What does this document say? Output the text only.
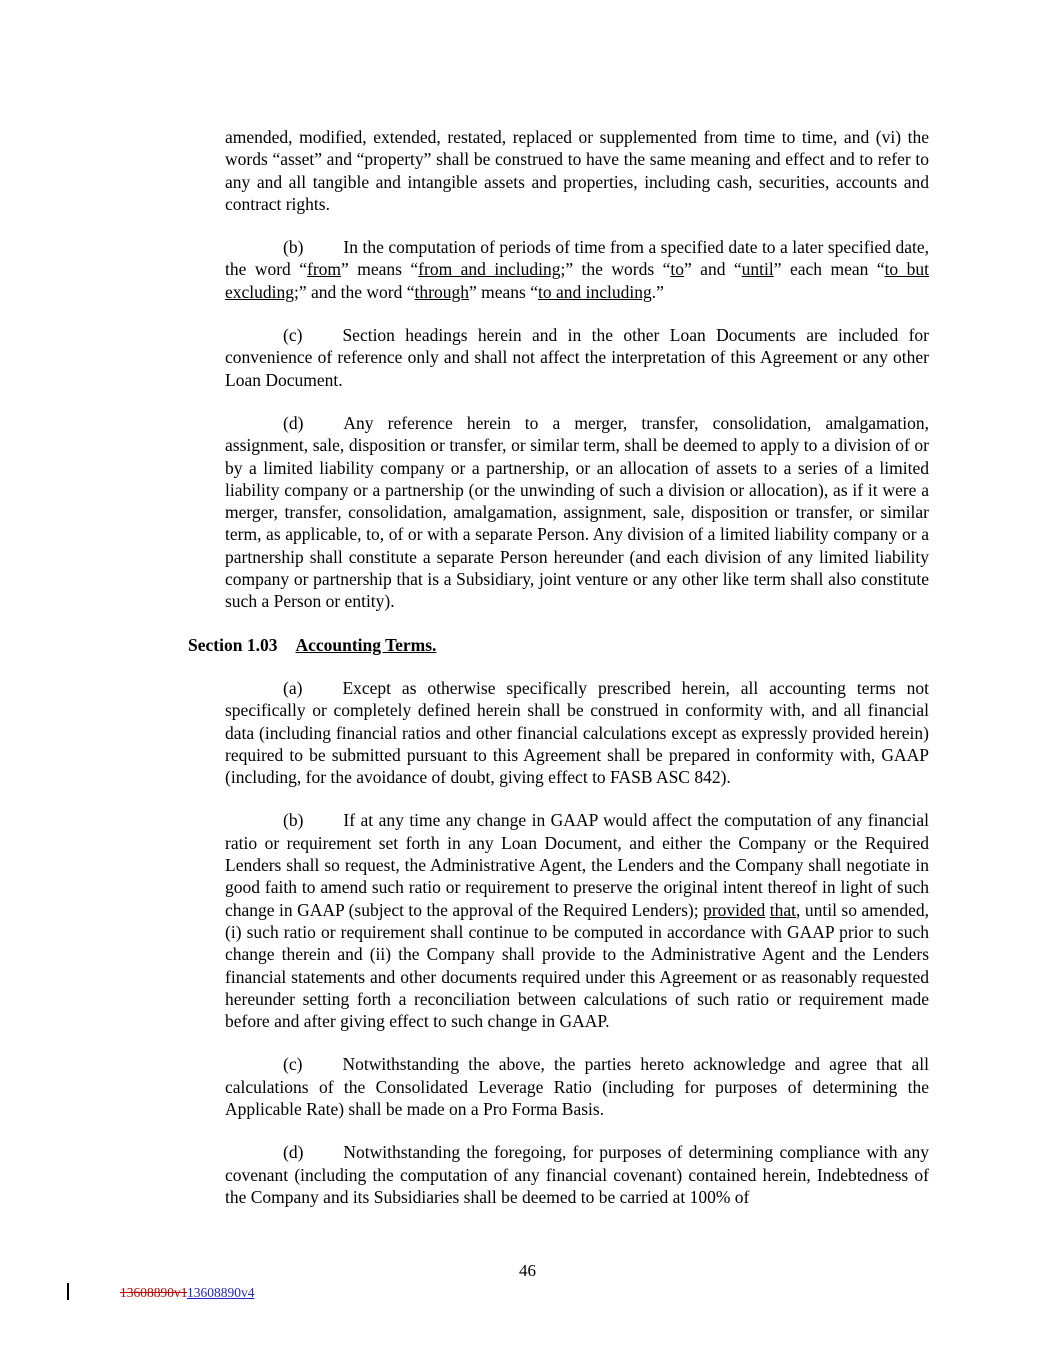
amended, modified, extended, restated, replaced or supplemented from time to time, and (vi) the words “asset” and “property” shall be construed to have the same meaning and effect and to refer to any and all tangible and intangible assets and properties, including cash, securities, accounts and contract rights.

(b) In the computation of periods of time from a specified date to a later specified date, the word “from” means “from and including;” the words “to” and “until” each mean “to but excluding;” and the word “through” means “to and including.”

(c) Section headings herein and in the other Loan Documents are included for convenience of reference only and shall not affect the interpretation of this Agreement or any other Loan Document.

(d) Any reference herein to a merger, transfer, consolidation, amalgamation, assignment, sale, disposition or transfer, or similar term, shall be deemed to apply to a division of or by a limited liability company or a partnership, or an allocation of assets to a series of a limited liability company or a partnership (or the unwinding of such a division or allocation), as if it were a merger, transfer, consolidation, amalgamation, assignment, sale, disposition or transfer, or similar term, as applicable, to, of or with a separate Person. Any division of a limited liability company or a partnership shall constitute a separate Person hereunder (and each division of any limited liability company or partnership that is a Subsidiary, joint venture or any other like term shall also constitute such a Person or entity).

Section 1.03 Accounting Terms.

(a) Except as otherwise specifically prescribed herein, all accounting terms not specifically or completely defined herein shall be construed in conformity with, and all financial data (including financial ratios and other financial calculations except as expressly provided herein) required to be submitted pursuant to this Agreement shall be prepared in conformity with, GAAP (including, for the avoidance of doubt, giving effect to FASB ASC 842).

(b) If at any time any change in GAAP would affect the computation of any financial ratio or requirement set forth in any Loan Document, and either the Company or the Required Lenders shall so request, the Administrative Agent, the Lenders and the Company shall negotiate in good faith to amend such ratio or requirement to preserve the original intent thereof in light of such change in GAAP (subject to the approval of the Required Lenders); provided that, until so amended, (i) such ratio or requirement shall continue to be computed in accordance with GAAP prior to such change therein and (ii) the Company shall provide to the Administrative Agent and the Lenders financial statements and other documents required under this Agreement or as reasonably requested hereunder setting forth a reconciliation between calculations of such ratio or requirement made before and after giving effect to such change in GAAP.

(c) Notwithstanding the above, the parties hereto acknowledge and agree that all calculations of the Consolidated Leverage Ratio (including for purposes of determining the Applicable Rate) shall be made on a Pro Forma Basis.

(d) Notwithstanding the foregoing, for purposes of determining compliance with any covenant (including the computation of any financial covenant) contained herein, Indebtedness of the Company and its Subsidiaries shall be deemed to be carried at 100% of

46
13608890v113608890v4
